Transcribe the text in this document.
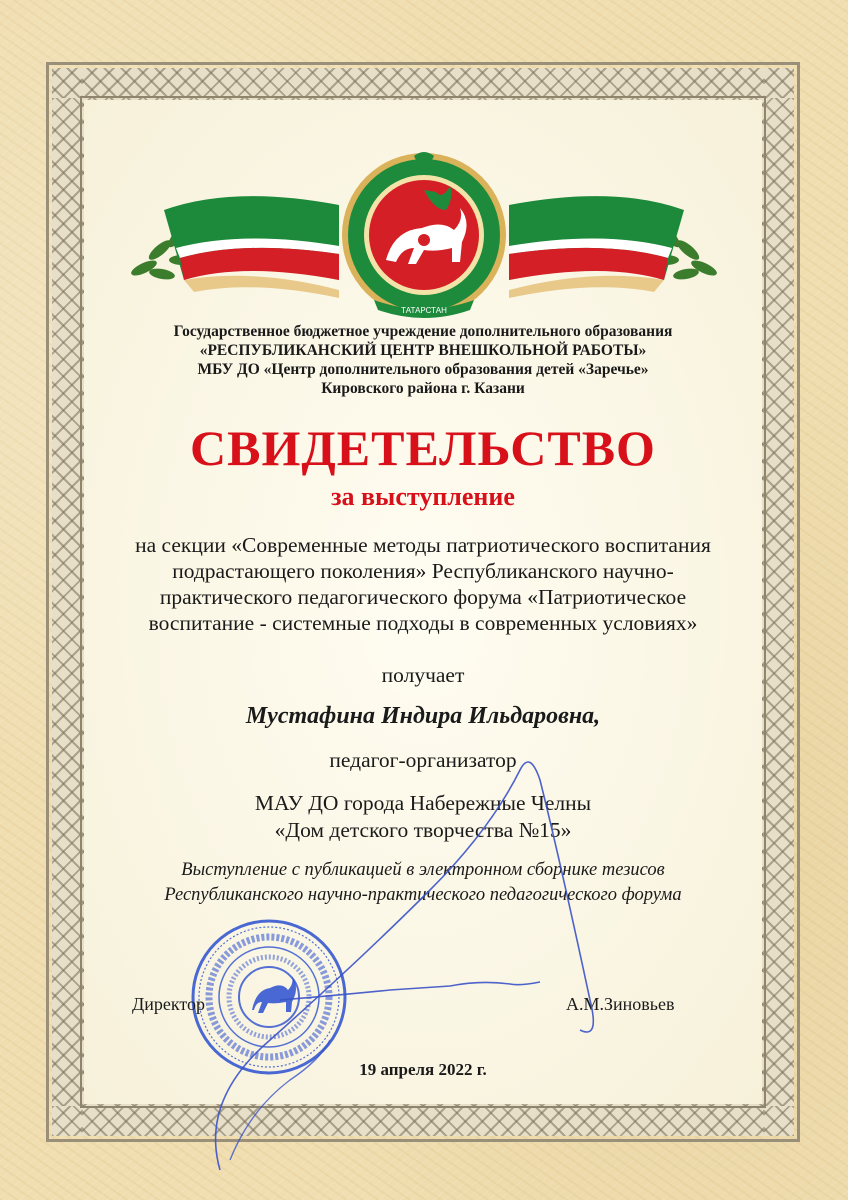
ТАТАРСТАН
Государственное бюджетное учреждение дополнительного образования
«РЕСПУБЛИКАНСКИЙ ЦЕНТР ВНЕШКОЛЬНОЙ РАБОТЫ»
МБУ ДО «Центр дополнительного образования детей «Заречье»
Кировского района г. Казани
СВИДЕТЕЛЬСТВО
за выступление
на секции «Современные методы патриотического воспитания
подрастающего поколения» Республиканского научно-
практического педагогического форума «Патриотическое
воспитание - системные подходы в современных условиях»
получает
Мустафина Индира Ильдаровна,
педагог-организатор
МАУ ДО города Набережные Челны
«Дом детского творчества №15»
Выступление с публикацией в электронном сборнике тезисов
Республиканского научно-практического педагогического форума
Директор	А.М.Зиновьев
19 апреля 2022 г.
